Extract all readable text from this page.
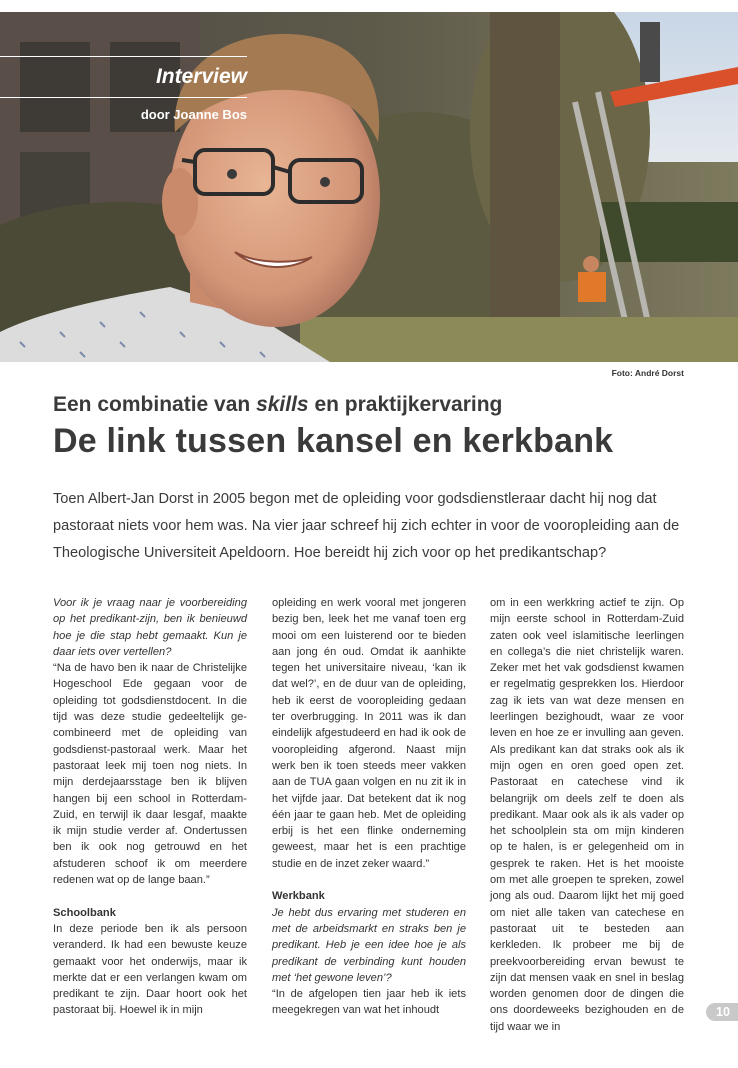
Interview
door Joanne Bos
Foto: André Dorst
Een combinatie van skills en praktijkervaring
De link tussen kansel en kerkbank
Toen Albert-Jan Dorst in 2005 begon met de opleiding voor godsdienstleraar dacht hij nog dat pastoraat niets voor hem was. Na vier jaar schreef hij zich echter in voor de vooropleiding aan de Theologische Universiteit Apeldoorn. Hoe bereidt hij zich voor op het predikantschap?

Voor ik je vraag naar je voorbereiding op het predikant-zijn, ben ik benieuwd hoe je die stap hebt gemaakt. Kun je daar iets over vertellen?

“Na de havo ben ik naar de Christelijke Hogeschool Ede gegaan voor de opleiding tot godsdienstdocent. In die tijd was deze studie gedeeltelijk ge-combineerd met de opleiding van godsdienst-pastoraal werk. Maar het pastoraat leek mij toen nog niets. In mijn derdejaarsstage ben ik blijven hangen bij een school in Rotterdam-Zuid, en terwijl ik daar lesgaf, maakte ik mijn studie verder af. Ondertussen ben ik ook nog getrouwd en het afstuderen schoof ik om meerdere redenen wat op de lange baan.”

Schoolbank

In deze periode ben ik als persoon veranderd. Ik had een bewuste keuze gemaakt voor het onderwijs, maar ik merkte dat er een verlangen kwam om predikant te zijn. Daar hoort ook het pastoraat bij. Hoewel ik in mijn

opleiding en werk vooral met jongeren bezig ben, leek het me vanaf toen erg mooi om een luisterend oor te bieden aan jong én oud. Omdat ik aanhikte tegen het universitaire niveau, ‘kan ik dat wel?’, en de duur van de opleiding, heb ik eerst de vooropleiding gedaan ter overbrugging. In 2011 was ik dan eindelijk afgestudeerd en had ik ook de vooropleiding afgerond. Naast mijn werk ben ik toen steeds meer vakken aan de TUA gaan volgen en nu zit ik in het vijfde jaar. Dat betekent dat ik nog één jaar te gaan heb. Met de opleiding erbij is het een flinke onderneming geweest, maar het is een prachtige studie en de inzet zeker waard.”

Werkbank

Je hebt dus ervaring met studeren en met de arbeidsmarkt en straks ben je predikant. Heb je een idee hoe je als predikant de verbinding kunt houden met ‘het gewone leven’?

“In de afgelopen tien jaar heb ik iets meegekregen van wat het inhoudt

om in een werkkring actief te zijn. Op mijn eerste school in Rotterdam-Zuid zaten ook veel islamitische leerlingen en collega’s die niet christelijk waren. Zeker met het vak godsdienst kwamen er regelmatig gesprekken los. Hierdoor zag ik iets van wat deze mensen en leerlingen bezighoudt, waar ze voor leven en hoe ze er invulling aan geven. Als predikant kan dat straks ook als ik mijn ogen en oren goed open zet. Pastoraat en catechese vind ik belangrijk om deels zelf te doen als predikant. Maar ook als ik als vader op het schoolplein sta om mijn kinderen op te halen, is er gelegenheid om in gesprek te raken. Het is het mooiste om met alle groepen te spreken, zowel jong als oud. Daarom lijkt het mij goed om niet alle taken van catechese en pastoraat uit te besteden aan kerkleden. Ik probeer me bij de preekvoorbereiding ervan bewust te zijn dat mensen vaak en snel in beslag worden genomen door de dingen die ons doordeweeks bezighouden en de tijd waar we in

10
